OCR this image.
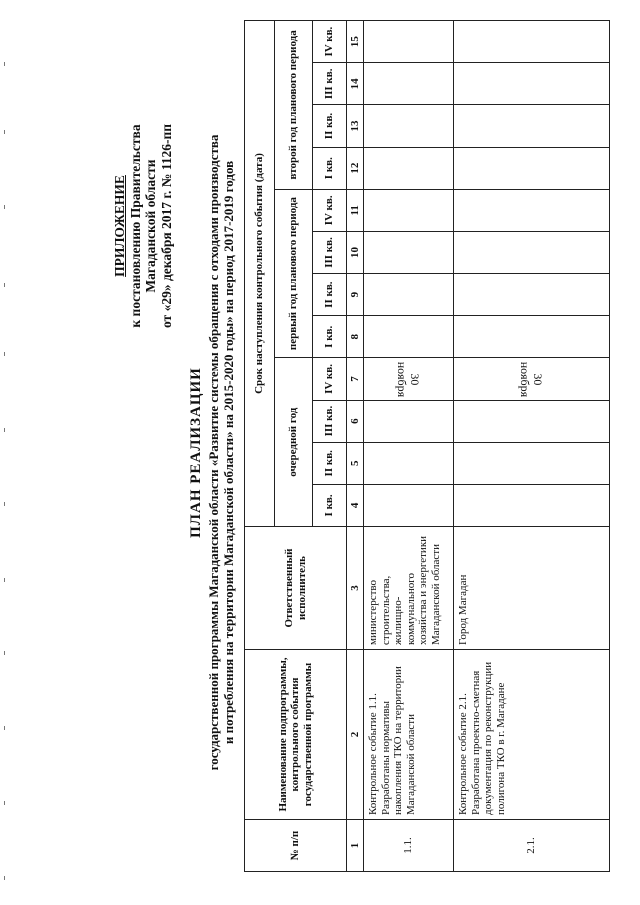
ПРИЛОЖЕНИЕ к постановлению Правительства Магаданской области от «29» декабря 2017 г. № 1126-пп
ПЛАН РЕАЛИЗАЦИИ государственной программы Магаданской области «Развитие системы обращения с отходами производства и потребления на территории Магаданской области» на 2015-2020 годы» на период 2017-2019 годов
№ п/п	Наименование подпрограммы, контрольного события государственной программы	Ответственный исполнитель	Срок наступления контрольного события (дата)											
			очередной год				первый год планового периода				второй год планового периода			
			I кв.	II кв.	III кв.	IV кв.	I кв.	II кв.	III кв.	IV кв.	I кв.	II кв.	III кв.	IV кв.
1	2	3	4	5	6	7	8	9	10	11	12	13	14	15
1.1.	Контрольное событие 1.1. Разработаны нормативы накопления ТКО на территории Магаданской области	министерство строительства, жилищно-коммунального хозяйства и энергетики Магаданской области				30 ноября								
2.1.	Контрольное событие 2.1. Разработана проектно-сметная документация по реконструкции полигона ТКО в г. Магадане	Город Магадан				30 ноября								
